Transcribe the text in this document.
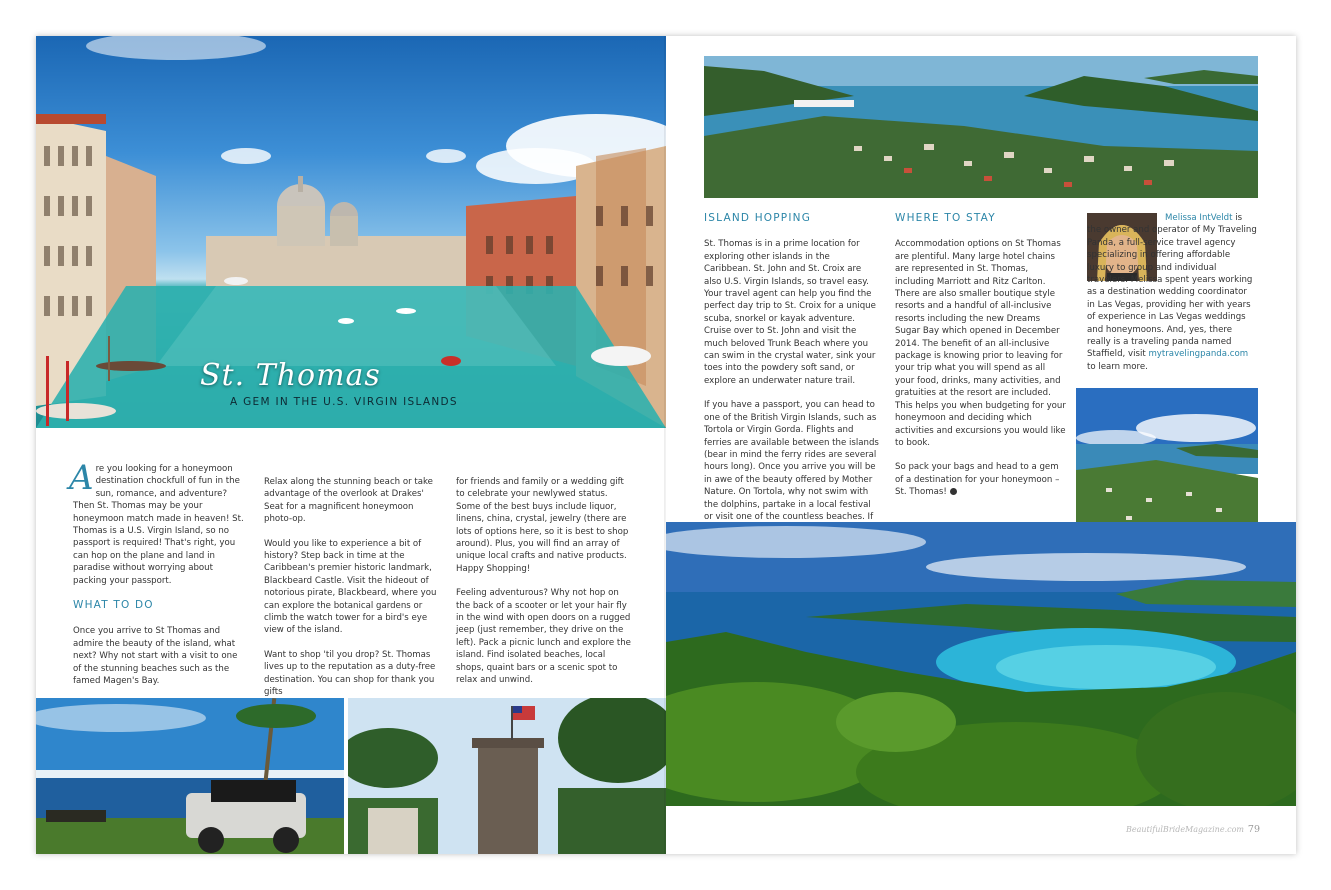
St. Thomas
A GEM IN THE U.S. VIRGIN ISLANDS

Are you looking for a honeymoon destination chockfull of fun in the sun, romance, and adventure? Then St. Thomas may be your honeymoon match made in heaven! St. Thomas is a U.S. Virgin Island, so no passport is required! That's right, you can hop on the plane and land in paradise without worrying about packing your passport.

WHAT TO DO

Once you arrive to St Thomas and admire the beauty of the island, what next? Why not start with a visit to one of the stunning beaches such as the famed Magen's Bay.

Relax along the stunning beach or take advantage of the overlook at Drakes' Seat for a magnificent honeymoon photo-op.

Would you like to experience a bit of history? Step back in time at the Caribbean's premier historic landmark, Blackbeard Castle. Visit the hideout of notorious pirate, Blackbeard, where you can explore the botanical gardens or climb the watch tower for a bird's eye view of the island.

Want to shop 'til you drop? St. Thomas lives up to the reputation as a duty-free destination. You can shop for thank you gifts

for friends and family or a wedding gift to celebrate your newlywed status. Some of the best buys include liquor, linens, china, crystal, jewelry (there are lots of options here, so it is best to shop around). Plus, you will find an array of unique local crafts and native products. Happy Shopping!

Feeling adventurous? Why not hop on the back of a scooter or let your hair fly in the wind with open doors on a rugged jeep (just remember, they drive on the left). Pack a picnic lunch and explore the island. Find isolated beaches, local shops, quaint bars or a scenic spot to relax and unwind.

ISLAND HOPPING

St. Thomas is in a prime location for exploring other islands in the Caribbean. St. John and St. Croix are also U.S. Virgin Islands, so travel easy. Your travel agent can help you find the perfect day trip to St. Croix for a unique scuba, snorkel or kayak adventure. Cruise over to St. John and visit the much beloved Trunk Beach where you can swim in the crystal water, sink your toes into the powdery soft sand, or explore an underwater nature trail.

If you have a passport, you can head to one of the British Virgin Islands, such as Tortola or Virgin Gorda. Flights and ferries are available between the islands (bear in mind the ferry rides are several hours long). Once you arrive you will be in awe of the beauty offered by Mother Nature. On Tortola, why not swim with the dolphins, partake in a local festival or visit one of the countless beaches. If

WHERE TO STAY

Accommodation options on St Thomas are plentiful. Many large hotel chains are represented in St. Thomas, including Marriott and Ritz Carlton. There are also smaller boutique style resorts and a handful of all-inclusive resorts including the new Dreams Sugar Bay which opened in December 2014. The benefit of an all-inclusive package is knowing prior to leaving for your trip what you will spend as all your food, drinks, many activities, and gratuities at the resort are included. This helps you when budgeting for your honeymoon and deciding which activities and excursions you would like to book.

So pack your bags and head to a gem of a destination for your honeymoon – St. Thomas!

Melissa IntVeldt is the owner and operator of My Traveling Panda, a full-service travel agency specializing in offering affordable luxury to group and individual travelers. Melissa spent years working as a destination wedding coordinator in Las Vegas, providing her with years of experience in Las Vegas weddings and honeymoons. And, yes, there really is a traveling panda named Staffield, visit mytravelingpanda.com to learn more.

BeautifulBrideMagazine.com 79
